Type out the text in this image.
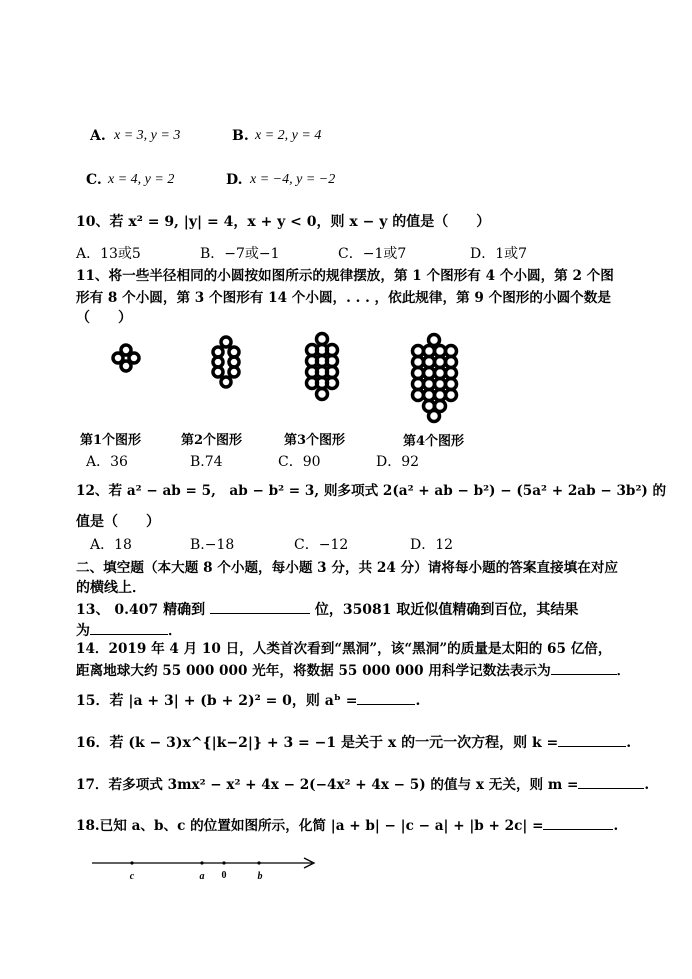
A. x = 3, y = 3	B. x = 2, y = 4
C. x = 4, y = 2	D. x = −4, y = −2
10、若 x² = 9, |y| = 4，x + y < 0，则 x − y 的值是（　　）
A．13或5	B．−7或−1	C．−1或7	D．1或7
11、将一些半径相同的小圆按如图所示的规律摆放，第 1 个图形有 4 个小圆，第 2 个图
形有 8 个小圆，第 3 个图形有 14 个小圆，. . . ，依此规律，第 9 个图形的小圆个数是
（　　）
第1个图形	第2个图形	第3个图形	第4个图形
A．36	B.74	C．90	D．92
12、若 a² − ab = 5,　ab − b² = 3, 则多项式 2(a² + ab − b²) − (5a² + 2ab − 3b²) 的
值是（　　）
A．18	B.−18	C．−12	D．12
二、填空题（本大题 8 个小题，每小题 3 分，共 24 分）请将每小题的答案直接填在对应
的横线上．
13、 0.407 精确到	位，35081 取近似值精确到百位，其结果
为	．
14．2019 年 4 月 10 日，人类首次看到“黑洞”，该“黑洞”的质量是太阳的 65 亿倍，
距离地球大约 55 000 000 光年，将数据 55 000 000 用科学记数法表示为	．
15．若 |a + 3| + (b + 2)² = 0，则 aᵇ =	.
16．若 (k − 3)x^{|k−2|} + 3 = −1 是关于 x 的一元一次方程，则 k =	.
17．若多项式 3mx² − x² + 4x − 2(−4x² + 4x − 5) 的值与 x 无关，则 m =	.
18.已知 a、b、c 的位置如图所示，化简 |a + b| − |c − a| + |b + 2c| =	.
c	a 0	b
